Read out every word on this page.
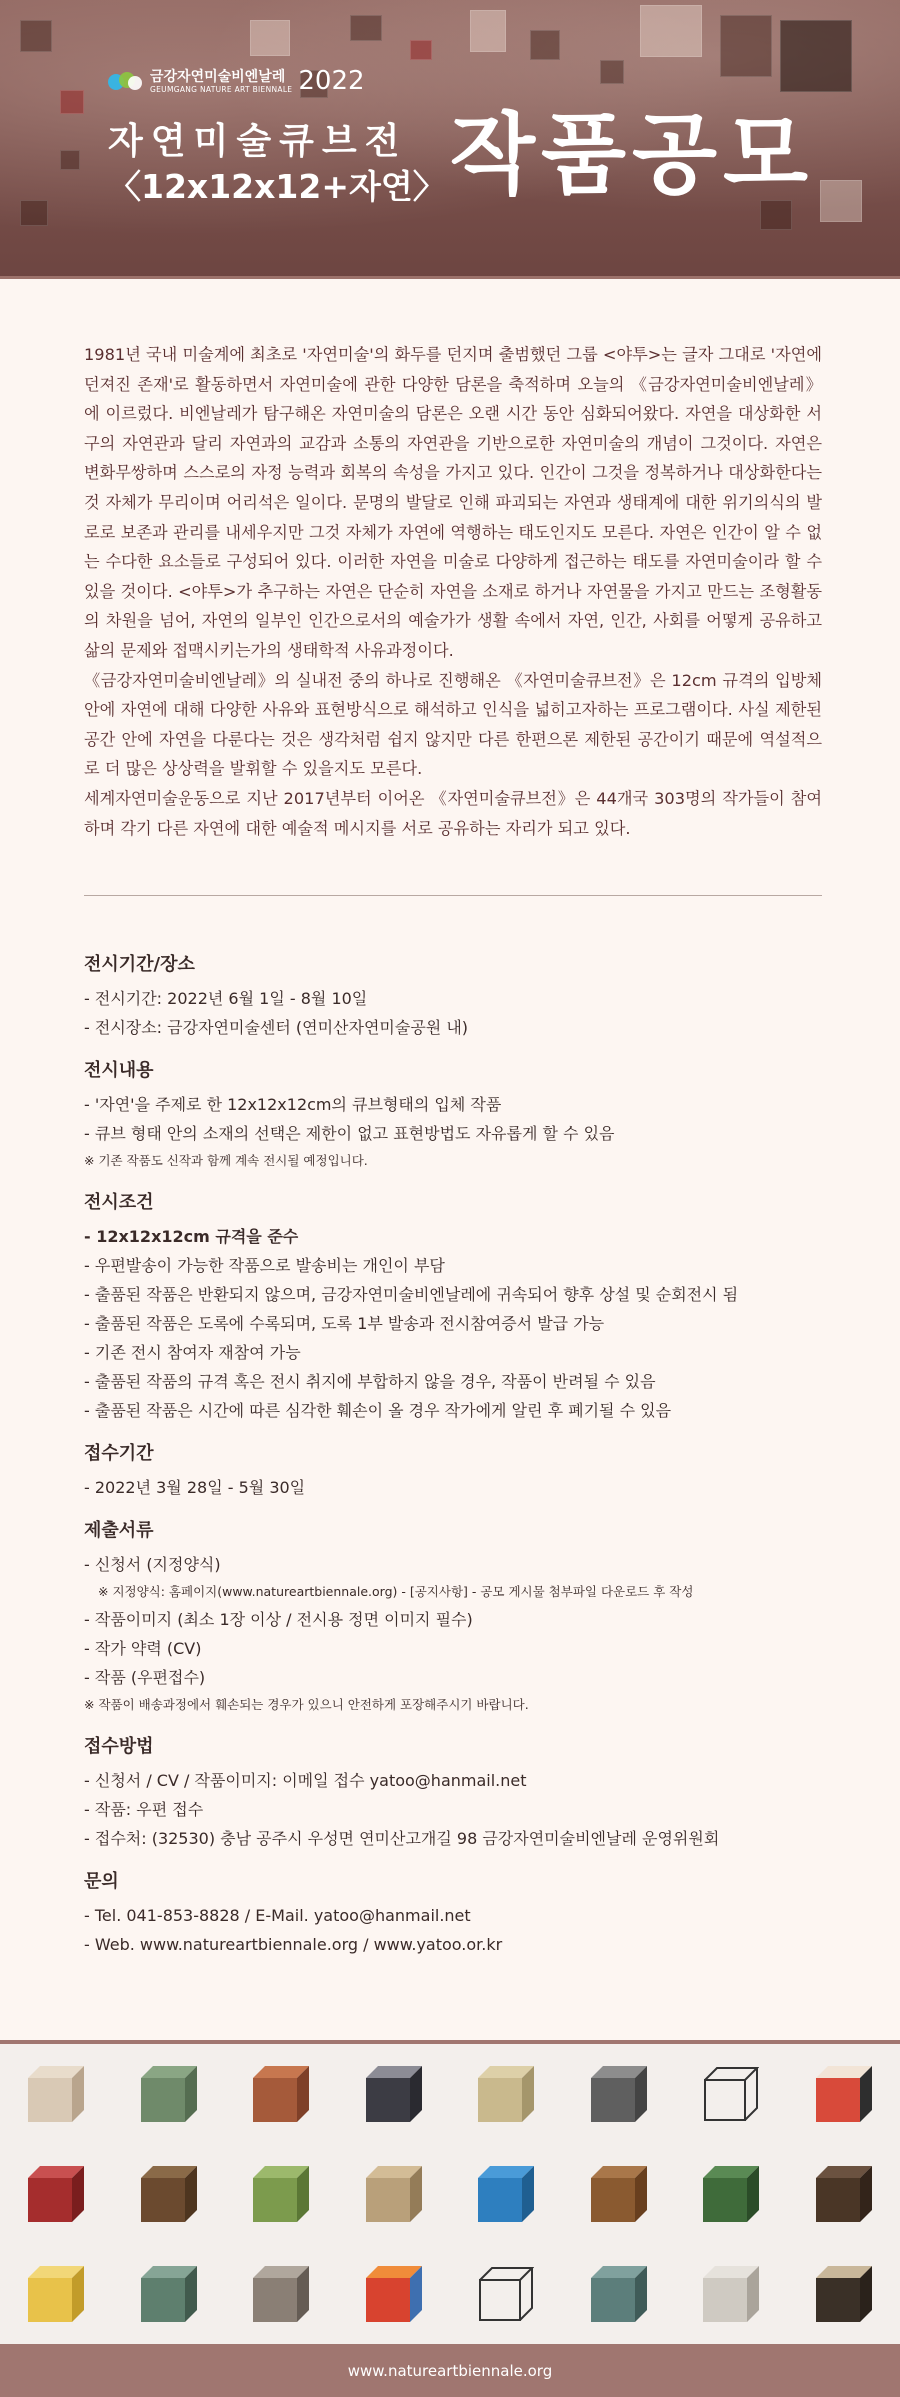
금강자연미술비엔날레
GEUMGANG NATURE ART BIENNALE 2022
자연미술큐브전
〈12x12x12+자연〉 작품공모

1981년 국내 미술계에 최초로 '자연미술'의 화두를 던지며 출범했던 그룹 <야투>는 글자 그대로 '자연에 던져진 존재'로 활동하면서 자연미술에 관한 다양한 담론을 축적하며 오늘의 《금강자연미술비엔날레》에 이르렀다. 비엔날레가 탐구해온 자연미술의 담론은 오랜 시간 동안 심화되어왔다. 자연을 대상화한 서구의 자연관과 달리 자연과의 교감과 소통의 자연관을 기반으로한 자연미술의 개념이 그것이다. 자연은 변화무쌍하며 스스로의 자정 능력과 회복의 속성을 가지고 있다. 인간이 그것을 정복하거나 대상화한다는 것 자체가 무리이며 어리석은 일이다. 문명의 발달로 인해 파괴되는 자연과 생태계에 대한 위기의식의 발로로 보존과 관리를 내세우지만 그것 자체가 자연에 역행하는 태도인지도 모른다. 자연은 인간이 알 수 없는 수다한 요소들로 구성되어 있다. 이러한 자연을 미술로 다양하게 접근하는 태도를 자연미술이라 할 수 있을 것이다. <야투>가 추구하는 자연은 단순히 자연을 소재로 하거나 자연물을 가지고 만드는 조형활동의 차원을 넘어, 자연의 일부인 인간으로서의 예술가가 생활 속에서 자연, 인간, 사회를 어떻게 공유하고 삶의 문제와 접맥시키는가의 생태학적 사유과정이다.

《금강자연미술비엔날레》의 실내전 중의 하나로 진행해온 《자연미술큐브전》은 12cm 규격의 입방체 안에 자연에 대해 다양한 사유와 표현방식으로 해석하고 인식을 넓히고자하는 프로그램이다. 사실 제한된 공간 안에 자연을 다룬다는 것은 생각처럼 쉽지 않지만 다른 한편으론 제한된 공간이기 때문에 역설적으로 더 많은 상상력을 발휘할 수 있을지도 모른다.

세계자연미술운동으로 지난 2017년부터 이어온 《자연미술큐브전》은 44개국 303명의 작가들이 참여하며 각기 다른 자연에 대한 예술적 메시지를 서로 공유하는 자리가 되고 있다.

전시기간/장소
- 전시기간: 2022년 6월 1일 - 8월 10일
- 전시장소: 금강자연미술센터 (연미산자연미술공원 내)
전시내용
- '자연'을 주제로 한 12x12x12cm의 큐브형태의 입체 작품
- 큐브 형태 안의 소재의 선택은 제한이 없고 표현방법도 자유롭게 할 수 있음
※ 기존 작품도 신작과 함께 계속 전시될 예정입니다.
전시조건
- 12x12x12cm 규격을 준수
- 우편발송이 가능한 작품으로 발송비는 개인이 부담
- 출품된 작품은 반환되지 않으며, 금강자연미술비엔날레에 귀속되어 향후 상설 및 순회전시 됨
- 출품된 작품은 도록에 수록되며, 도록 1부 발송과 전시참여증서 발급 가능
- 기존 전시 참여자 재참여 가능
- 출품된 작품의 규격 혹은 전시 취지에 부합하지 않을 경우, 작품이 반려될 수 있음
- 출품된 작품은 시간에 따른 심각한 훼손이 올 경우 작가에게 알린 후 폐기될 수 있음
접수기간
- 2022년 3월 28일 - 5월 30일
제출서류
- 신청서 (지정양식)
※ 지정양식: 홈페이지(www.natureartbiennale.org) - [공지사항] - 공모 게시물 첨부파일 다운로드 후 작성
- 작품이미지 (최소 1장 이상 / 전시용 정면 이미지 필수)
- 작가 약력 (CV)
- 작품 (우편접수)
※ 작품이 배송과정에서 훼손되는 경우가 있으니 안전하게 포장해주시기 바랍니다.
접수방법
- 신청서 / CV / 작품이미지: 이메일 접수 yatoo@hanmail.net
- 작품: 우편 접수
- 접수처: (32530) 충남 공주시 우성면 연미산고개길 98 금강자연미술비엔날레 운영위원회
문의
- Tel. 041-853-8828 / E-Mail. yatoo@hanmail.net
- Web. www.natureartbiennale.org / www.yatoo.or.kr
www.natureartbiennale.org
